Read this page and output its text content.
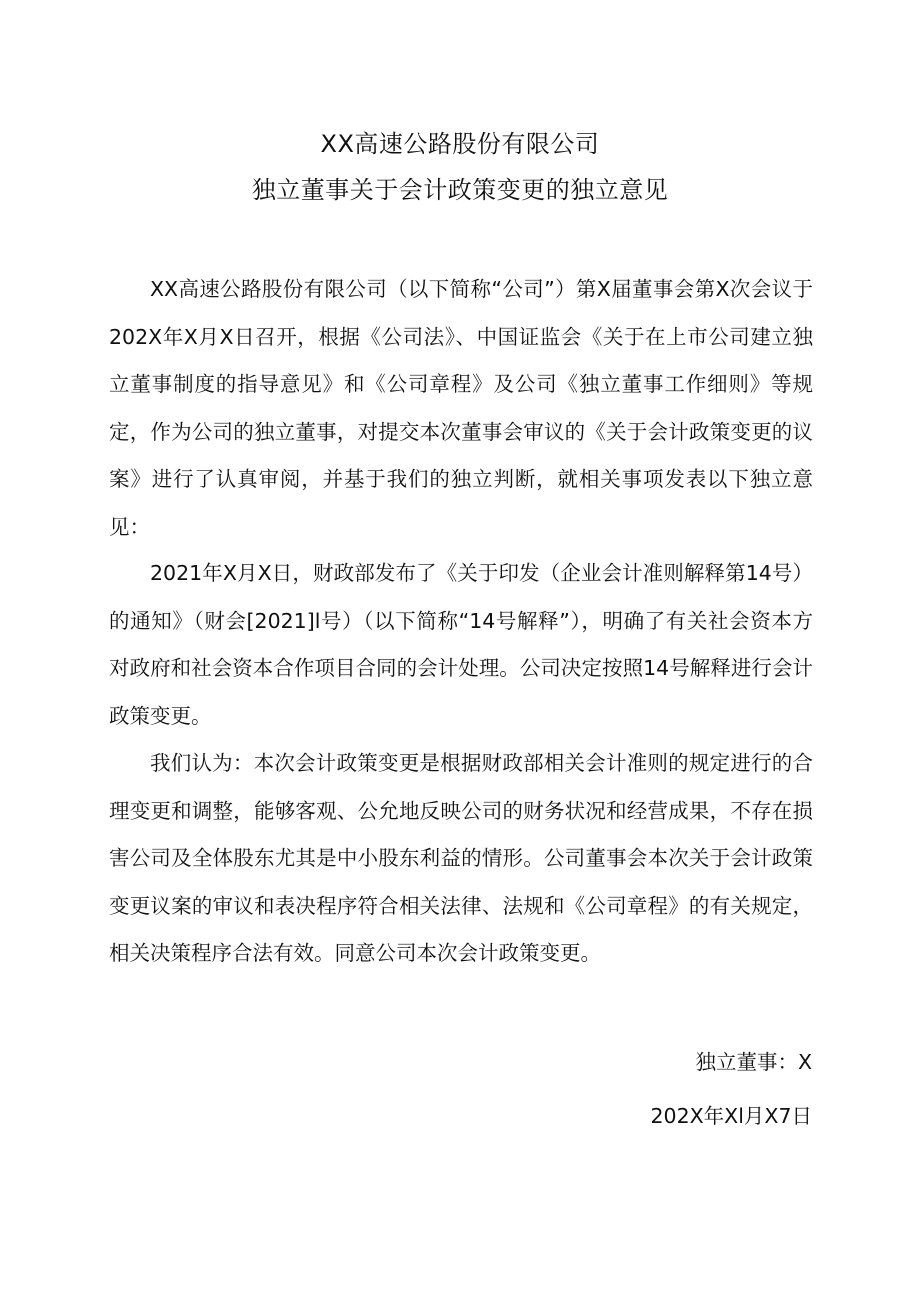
XX高速公路股份有限公司
独立董事关于会计政策变更的独立意见
XX高速公路股份有限公司（以下简称“公司”）第X届董事会第X次会议于202X年X月X日召开，根据《公司法》、中国证监会《关于在上市公司建立独立董事制度的指导意见》和《公司章程》及公司《独立董事工作细则》等规定，作为公司的独立董事，对提交本次董事会审议的《关于会计政策变更的议案》进行了认真审阅，并基于我们的独立判断，就相关事项发表以下独立意见：
2021年X月X日，财政部发布了《关于印发（企业会计准则解释第14号）的通知》（财会[2021]l号）（以下简称“14号解释”），明确了有关社会资本方对政府和社会资本合作项目合同的会计处理。公司决定按照14号解释进行会计政策变更。
我们认为：本次会计政策变更是根据财政部相关会计准则的规定进行的合理变更和调整，能够客观、公允地反映公司的财务状况和经营成果，不存在损害公司及全体股东尤其是中小股东利益的情形。公司董事会本次关于会计政策变更议案的审议和表决程序符合相关法律、法规和《公司章程》的有关规定，相关决策程序合法有效。同意公司本次会计政策变更。
独立董事：X
202X年Xl月X7日
